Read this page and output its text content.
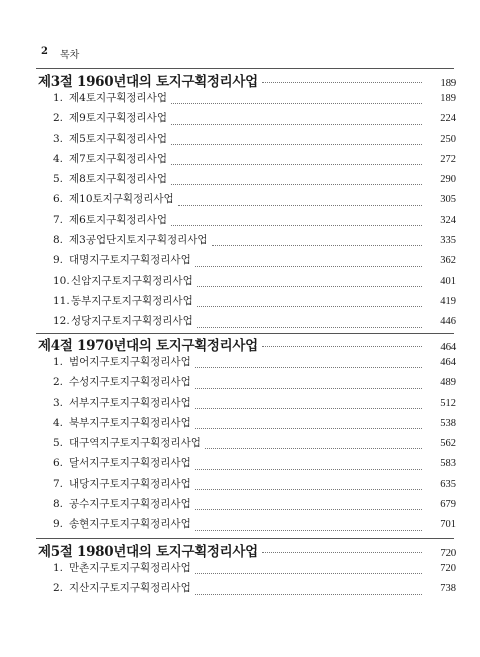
2 목차
제3절 1960년대의 토지구획정리사업	189
1. 제4토지구획정리사업	189
2. 제9토지구획정리사업	224
3. 제5토지구획정리사업	250
4. 제7토지구획정리사업	272
5. 제8토지구획정리사업	290
6. 제10토지구획정리사업	305
7. 제6토지구획정리사업	324
8. 제3공업단지토지구획정리사업	335
9. 대명지구토지구획정리사업	362
10. 신암지구토지구획정리사업	401
11. 동부지구토지구획정리사업	419
12. 성당지구토지구획정리사업	446
제4절 1970년대의 토지구획정리사업	464
1. 범어지구토지구획정리사업	464
2. 수성지구토지구획정리사업	489
3. 서부지구토지구획정리사업	512
4. 북부지구토지구획정리사업	538
5. 대구역지구토지구획정리사업	562
6. 달서지구토지구획정리사업	583
7. 내당지구토지구획정리사업	635
8. 공수지구토지구획정리사업	679
9. 송현지구토지구획정리사업	701
제5절 1980년대의 토지구획정리사업	720
1. 만촌지구토지구획정리사업	720
2. 지산지구토지구획정리사업	738
